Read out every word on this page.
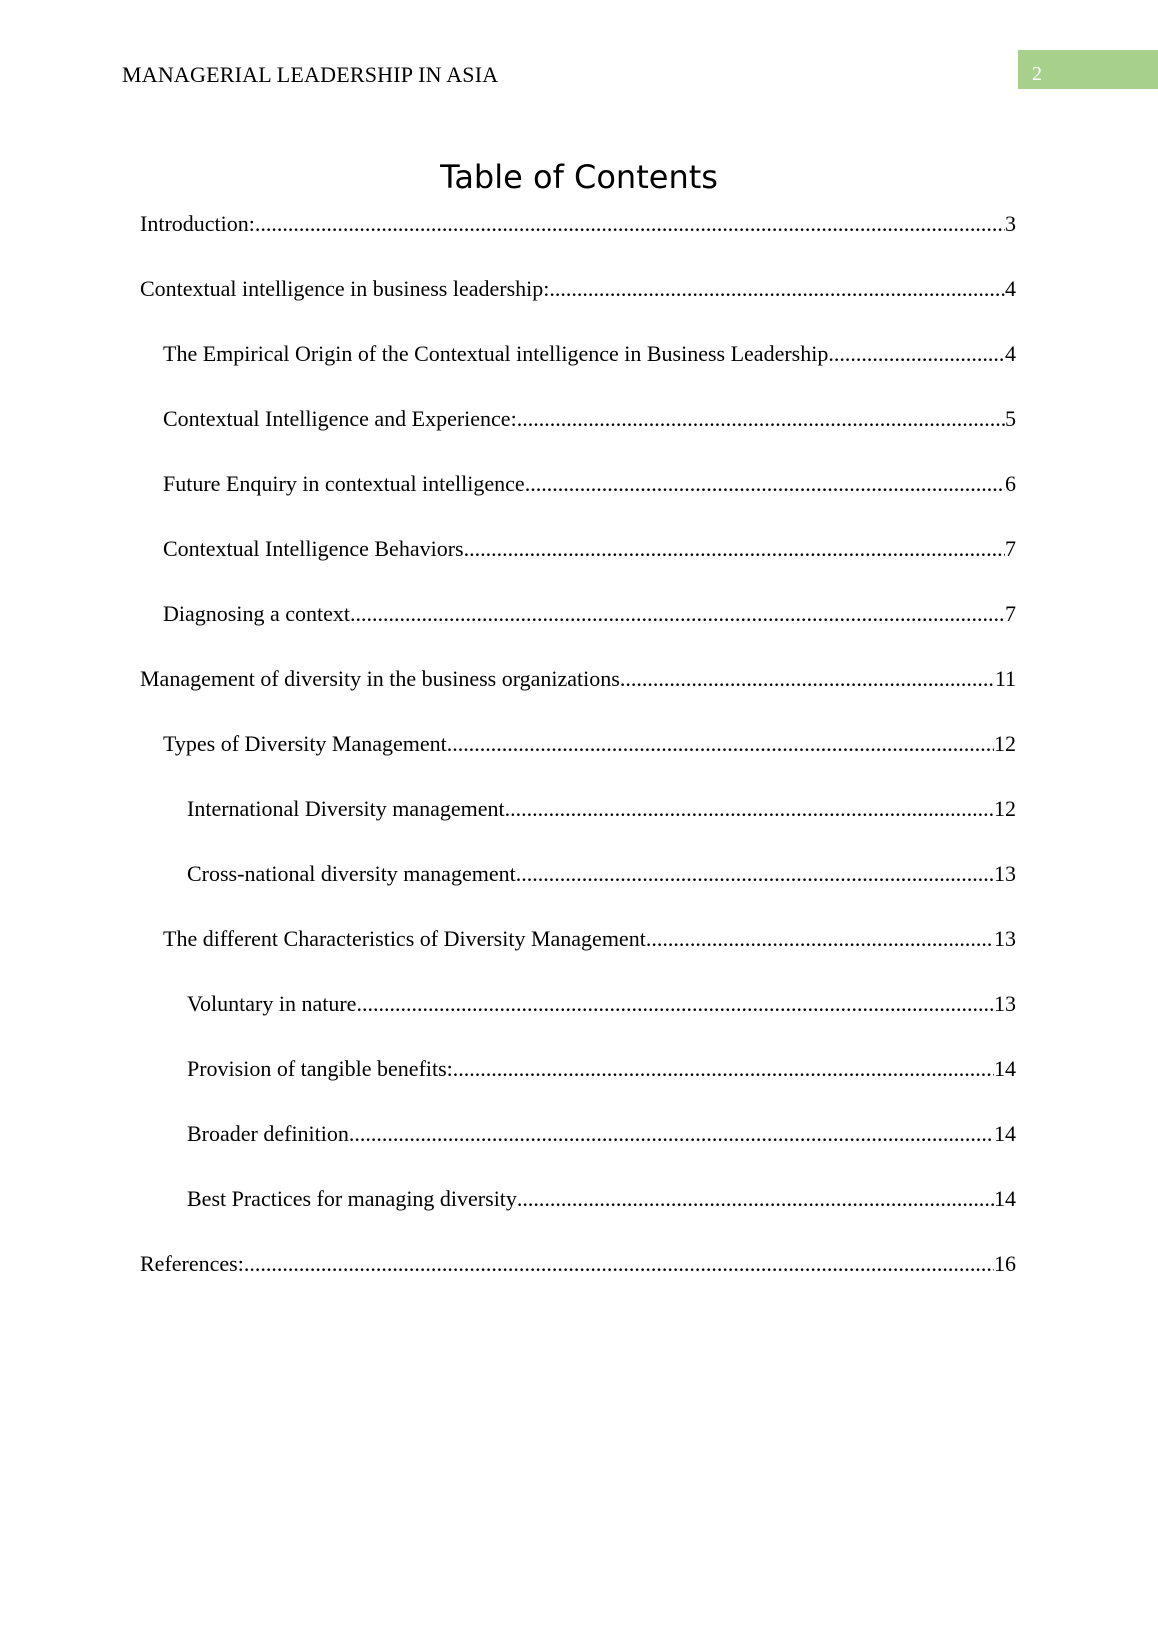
MANAGERIAL LEADERSHIP IN ASIA	2
Table of Contents
Introduction: .....	3
Contextual intelligence in business leadership: .....	4
The Empirical Origin of the Contextual intelligence in Business Leadership .....	4
Contextual Intelligence and Experience: .....	5
Future Enquiry in contextual intelligence .....	6
Contextual Intelligence Behaviors .....	7
Diagnosing a context .....	7
Management of diversity in the business organizations .....	11
Types of Diversity Management .....	12
International Diversity management .....	12
Cross-national diversity management .....	13
The different Characteristics of Diversity Management .....	13
Voluntary in nature .....	13
Provision of tangible benefits: .....	14
Broader definition .....	14
Best Practices for managing diversity .....	14
References: .....	16
